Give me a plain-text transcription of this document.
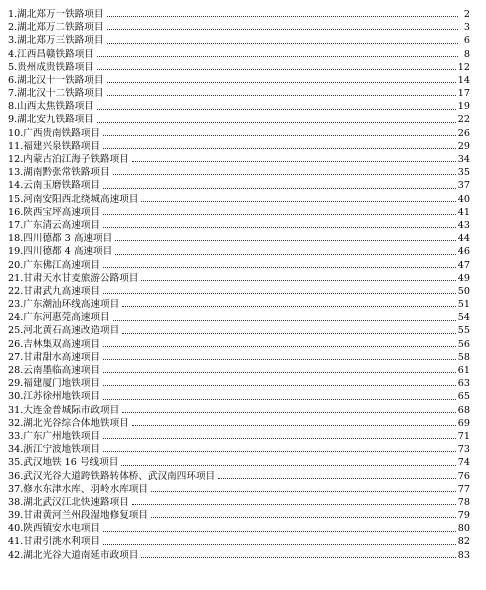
1.湖北郑万一铁路项目	2
2.湖北郑万二铁路项目	3
3.湖北郑万三铁路项目	6
4.江西昌赣铁路项目	8
5.贵州成贵铁路项目	12
6.湖北汉十一铁路项目	14
7.湖北汉十二铁路项目	17
8.山西太焦铁路项目	19
9.湖北安九铁路项目	22
10.广西贵南铁路项目	26
11.福建兴泉铁路项目	29
12.内蒙古泊江海子铁路项目	34
13.湖南黔张常铁路项目	35
14.云南玉磨铁路项目	37
15.河南安阳西北绕城高速项目	40
16.陕西宝坪高速项目	41
17.广东清云高速项目	43
18.四川德都 3 高速项目	44
19.四川德都 4 高速项目	46
20.广东佛江高速项目	47
21.甘肃天水甘麦旅游公路项目	49
22.甘肃武九高速项目	50
23.广东潮汕环线高速项目	51
24.广东河惠莞高速项目	54
25.河北黄石高速改造项目	55
26.吉林集双高速项目	56
27.甘肃甜水高速项目	58
28.云南墨临高速项目	61
29.福建厦门地铁项目	63
30.江苏徐州地铁项目	65
31.大连金普城际市政项目	68
32.湖北光谷综合体地铁项目	69
33.广东广州地铁项目	71
34.浙江宁波地铁项目	73
35.武汉地铁 16 号线项目	74
36.武汉光谷大道跨铁路转体桥、武汉南四环项目	76
37.修水东津水库、羽岭水库项目	77
38.湖北武汉江北快速路项目	78
39.甘肃黄河兰州段湿地修复项目	79
40.陕西镇安水电项目	80
41.甘肃引洮水利项目	82
42.湖北光谷大道南延市政项目	83
